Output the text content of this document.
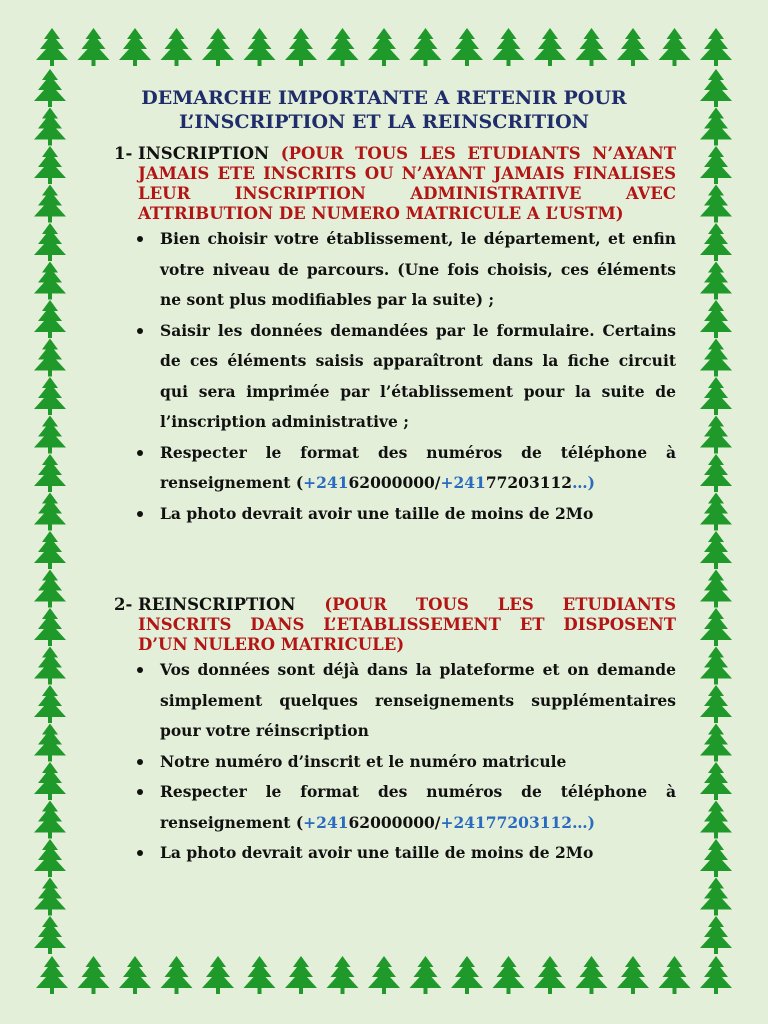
DEMARCHE IMPORTANTE A RETENIR POUR
L’INSCRIPTION ET LA REINSCRITION
1- INSCRIPTION (POUR TOUS LES ETUDIANTS N’AYANT JAMAIS ETE INSCRITS OU N’AYANT JAMAIS FINALISES LEUR INSCRIPTION ADMINISTRATIVE AVEC ATTRIBUTION DE NUMERO MATRICULE A L’USTM)
Bien choisir votre établissement, le département, et enfin votre niveau de parcours. (Une fois choisis, ces éléments ne sont plus modifiables par la suite) ;
Saisir les données demandées par le formulaire. Certains de ces éléments saisis apparaîtront dans la fiche circuit qui sera imprimée par l’établissement pour la suite de l’inscription administrative ;
Respecter le format des numéros de téléphone à renseignement (+24162000000/+24177203112…)
La photo devrait avoir une taille de moins de 2Mo
2- REINSCRIPTION (POUR TOUS LES ETUDIANTS INSCRITS DANS L’ETABLISSEMENT ET DISPOSENT D’UN NULERO MATRICULE)
Vos données sont déjà dans la plateforme et on demande simplement quelques renseignements supplémentaires pour votre réinscription
Notre numéro d’inscrit et le numéro matricule
Respecter le format des numéros de téléphone à renseignement (+24162000000/+24177203112…)
La photo devrait avoir une taille de moins de 2Mo
